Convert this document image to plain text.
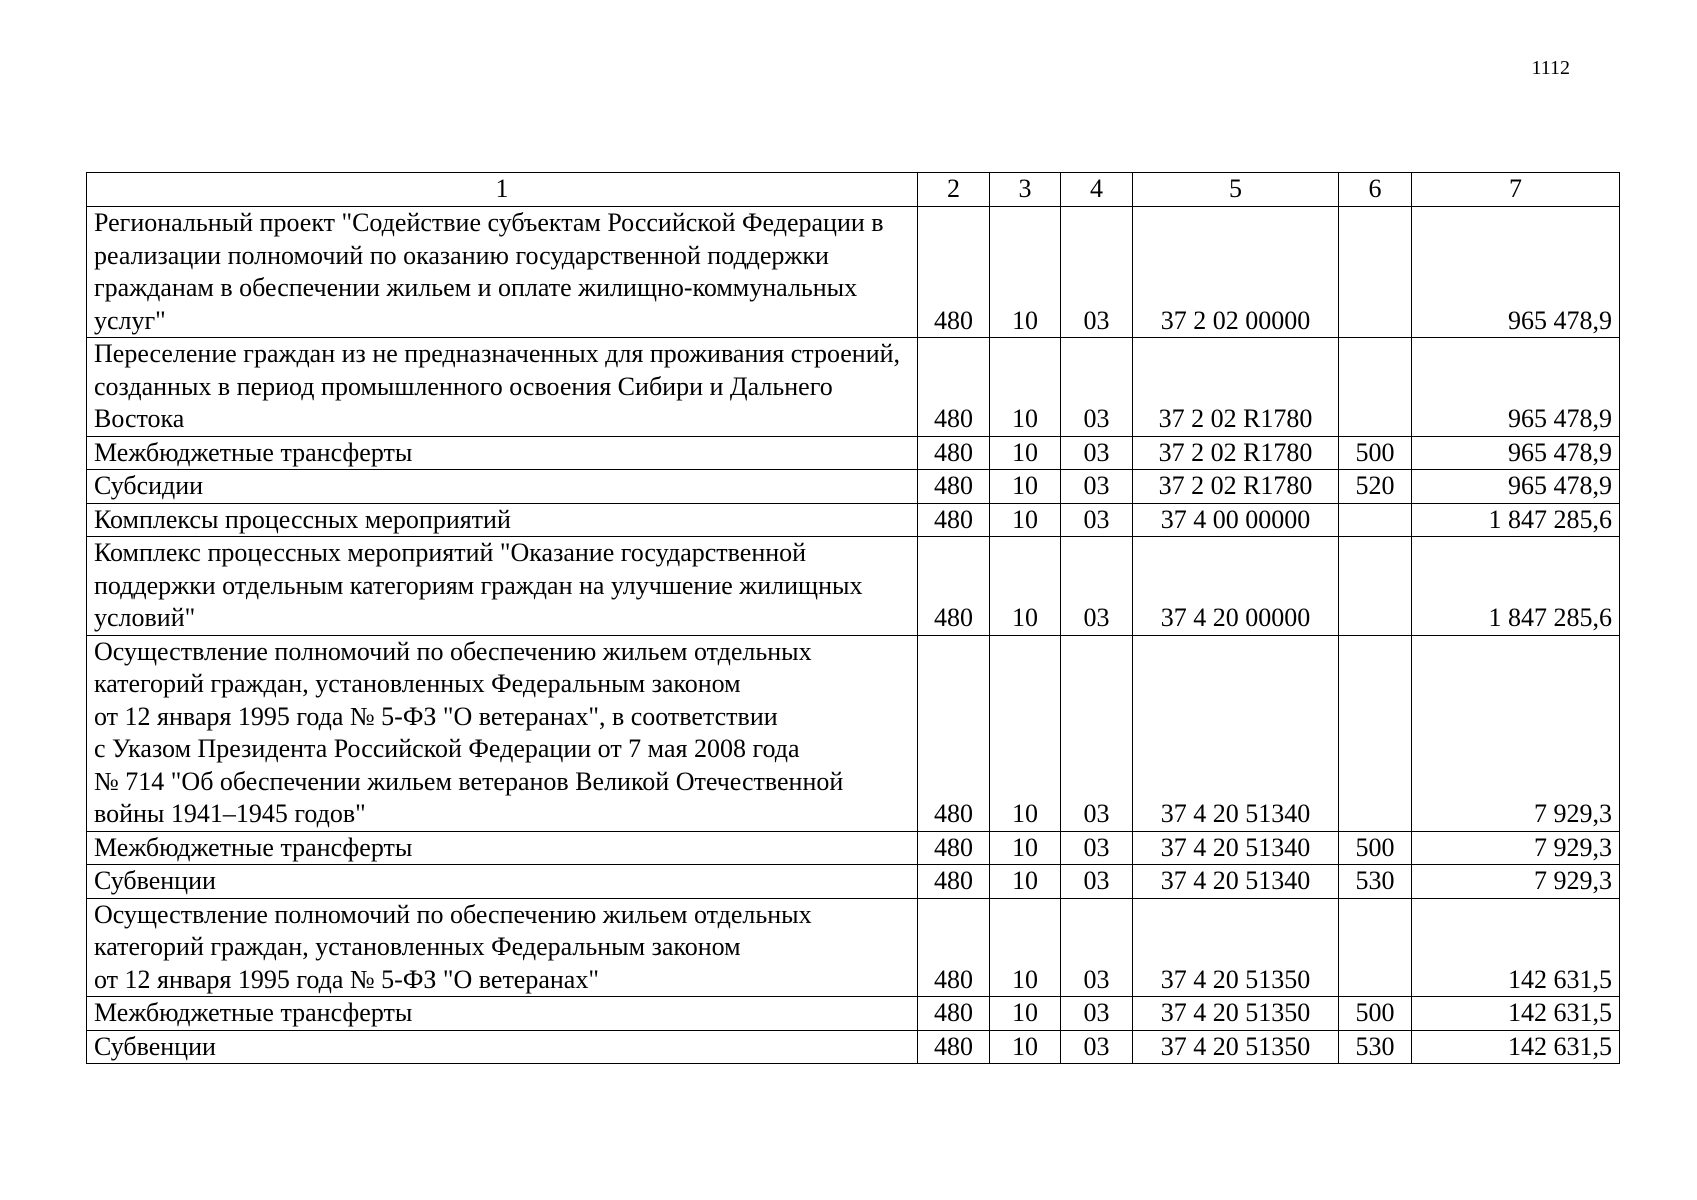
1112
1	2	3	4	5	6	7
Региональный проект "Содействие субъектам Российской Федерации в реализации полномочий по оказанию государственной поддержки гражданам в обеспечении жильем и оплате жилищно-коммунальных услуг"	480	10	03	37 2 02 00000		965 478,9
Переселение граждан из не предназначенных для проживания строений, созданных в период промышленного освоения Сибири и Дальнего Востока	480	10	03	37 2 02 R1780		965 478,9
Межбюджетные трансферты	480	10	03	37 2 02 R1780	500	965 478,9
Субсидии	480	10	03	37 2 02 R1780	520	965 478,9
Комплексы процессных мероприятий	480	10	03	37 4 00 00000		1 847 285,6
Комплекс процессных мероприятий "Оказание государственной поддержки отдельным категориям граждан на улучшение жилищных условий"	480	10	03	37 4 20 00000		1 847 285,6
Осуществление полномочий по обеспечению жильем отдельных категорий граждан, установленных Федеральным законом
от 12 января 1995 года № 5-ФЗ "О ветеранах", в соответствии
с Указом Президента Российской Федерации от 7 мая 2008 года
№ 714 "Об обеспечении жильем ветеранов Великой Отечественной войны 1941–1945 годов"	480	10	03	37 4 20 51340		7 929,3
Межбюджетные трансферты	480	10	03	37 4 20 51340	500	7 929,3
Субвенции	480	10	03	37 4 20 51340	530	7 929,3
Осуществление полномочий по обеспечению жильем отдельных категорий граждан, установленных Федеральным законом
от 12 января 1995 года № 5-ФЗ "О ветеранах"	480	10	03	37 4 20 51350		142 631,5
Межбюджетные трансферты	480	10	03	37 4 20 51350	500	142 631,5
Субвенции	480	10	03	37 4 20 51350	530	142 631,5
